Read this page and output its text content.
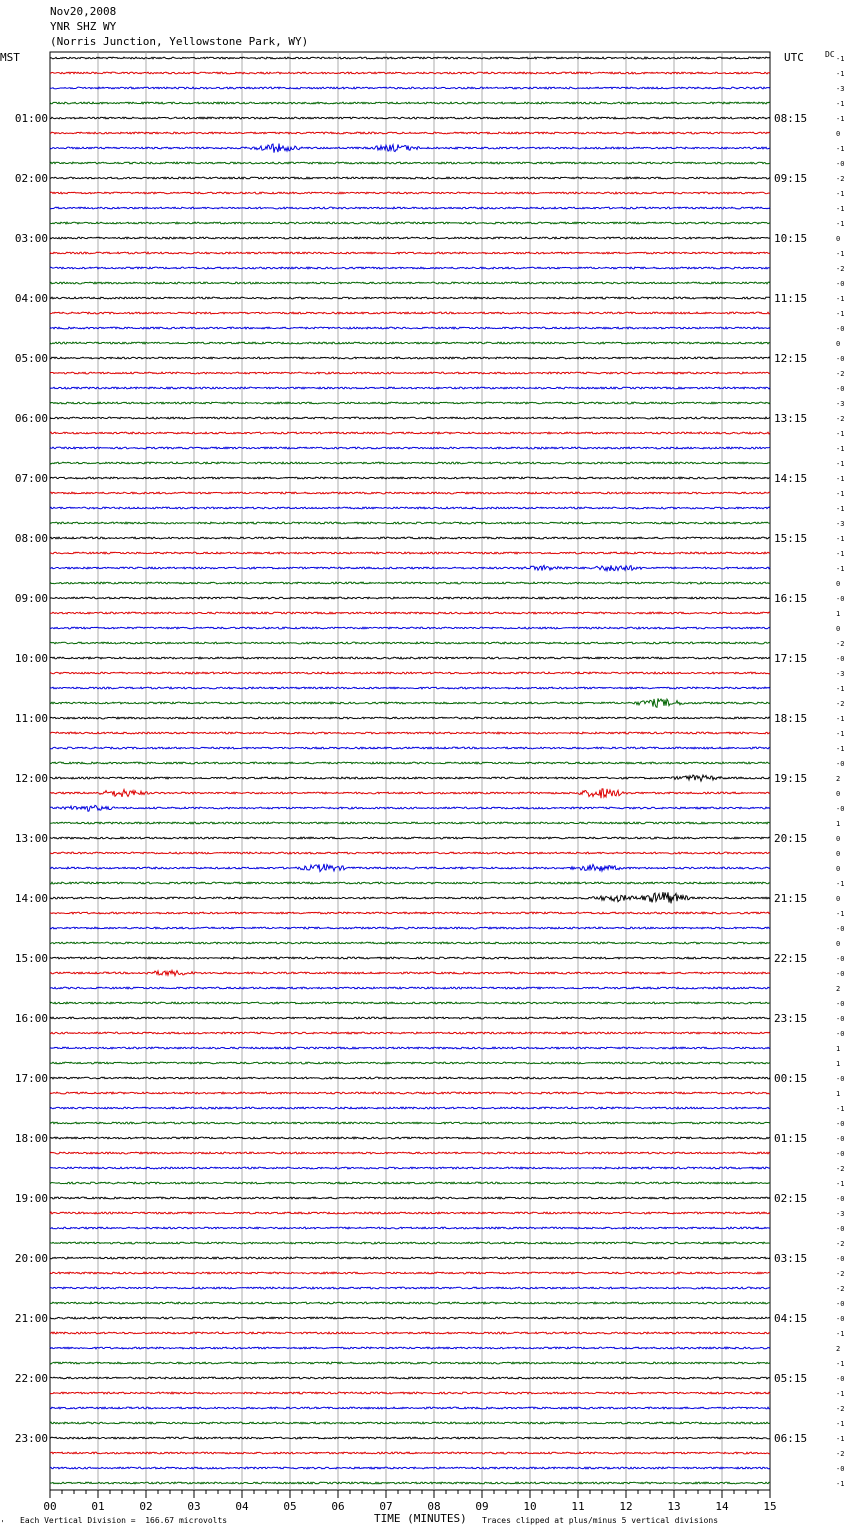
Nov20,2008
YNR SHZ WY
(Norris Junction, Yellowstone Park, WY)
00	01	02	03	04	05	06	07	08	09	10	11	12	13	14	15
MST	UTC	DC
01:00
02:00
03:00
04:00
05:00
06:00
07:00
08:00
09:00
10:00
11:00
12:00
13:00
14:00
15:00
16:00
17:00
18:00
19:00
20:00
21:00
22:00
23:00
08:15
09:15
10:15
11:15
12:15
13:15
14:15
15:15
16:15
17:15
18:15
19:15
20:15
21:15
22:15
23:15
00:15
01:15
02:15
03:15
04:15
05:15
06:15
-1
-1
-3
-1
-1
0
-1
-0
-2
-1
-1
-1
0
-1
-2
-0
-1
-1
-0
0
-0
-2
-0
-3
-2
-1
-1
-1
-1
-1
-1
-3
-1
-1
-1
0
-0
1
0
-2
-0
-3
-1
-2
-1
-1
-1
-0
2
0
-0
1
0
0
0
-1
0
-1
-0
0
-0
-0
2
-0
-0
-0
1
1
-0
1
-1
-0
-0
-0
-2
-1
-0
-3
-0
-2
-0
-2
-2
-0
-0
-1
2
-1
-0
-1
-2
-1
-1
-2
-0
-1
' Each Vertical Division =  166.67 microvolts	TIME (MINUTES) Traces clipped at plus/minus 5 vertical divisions
